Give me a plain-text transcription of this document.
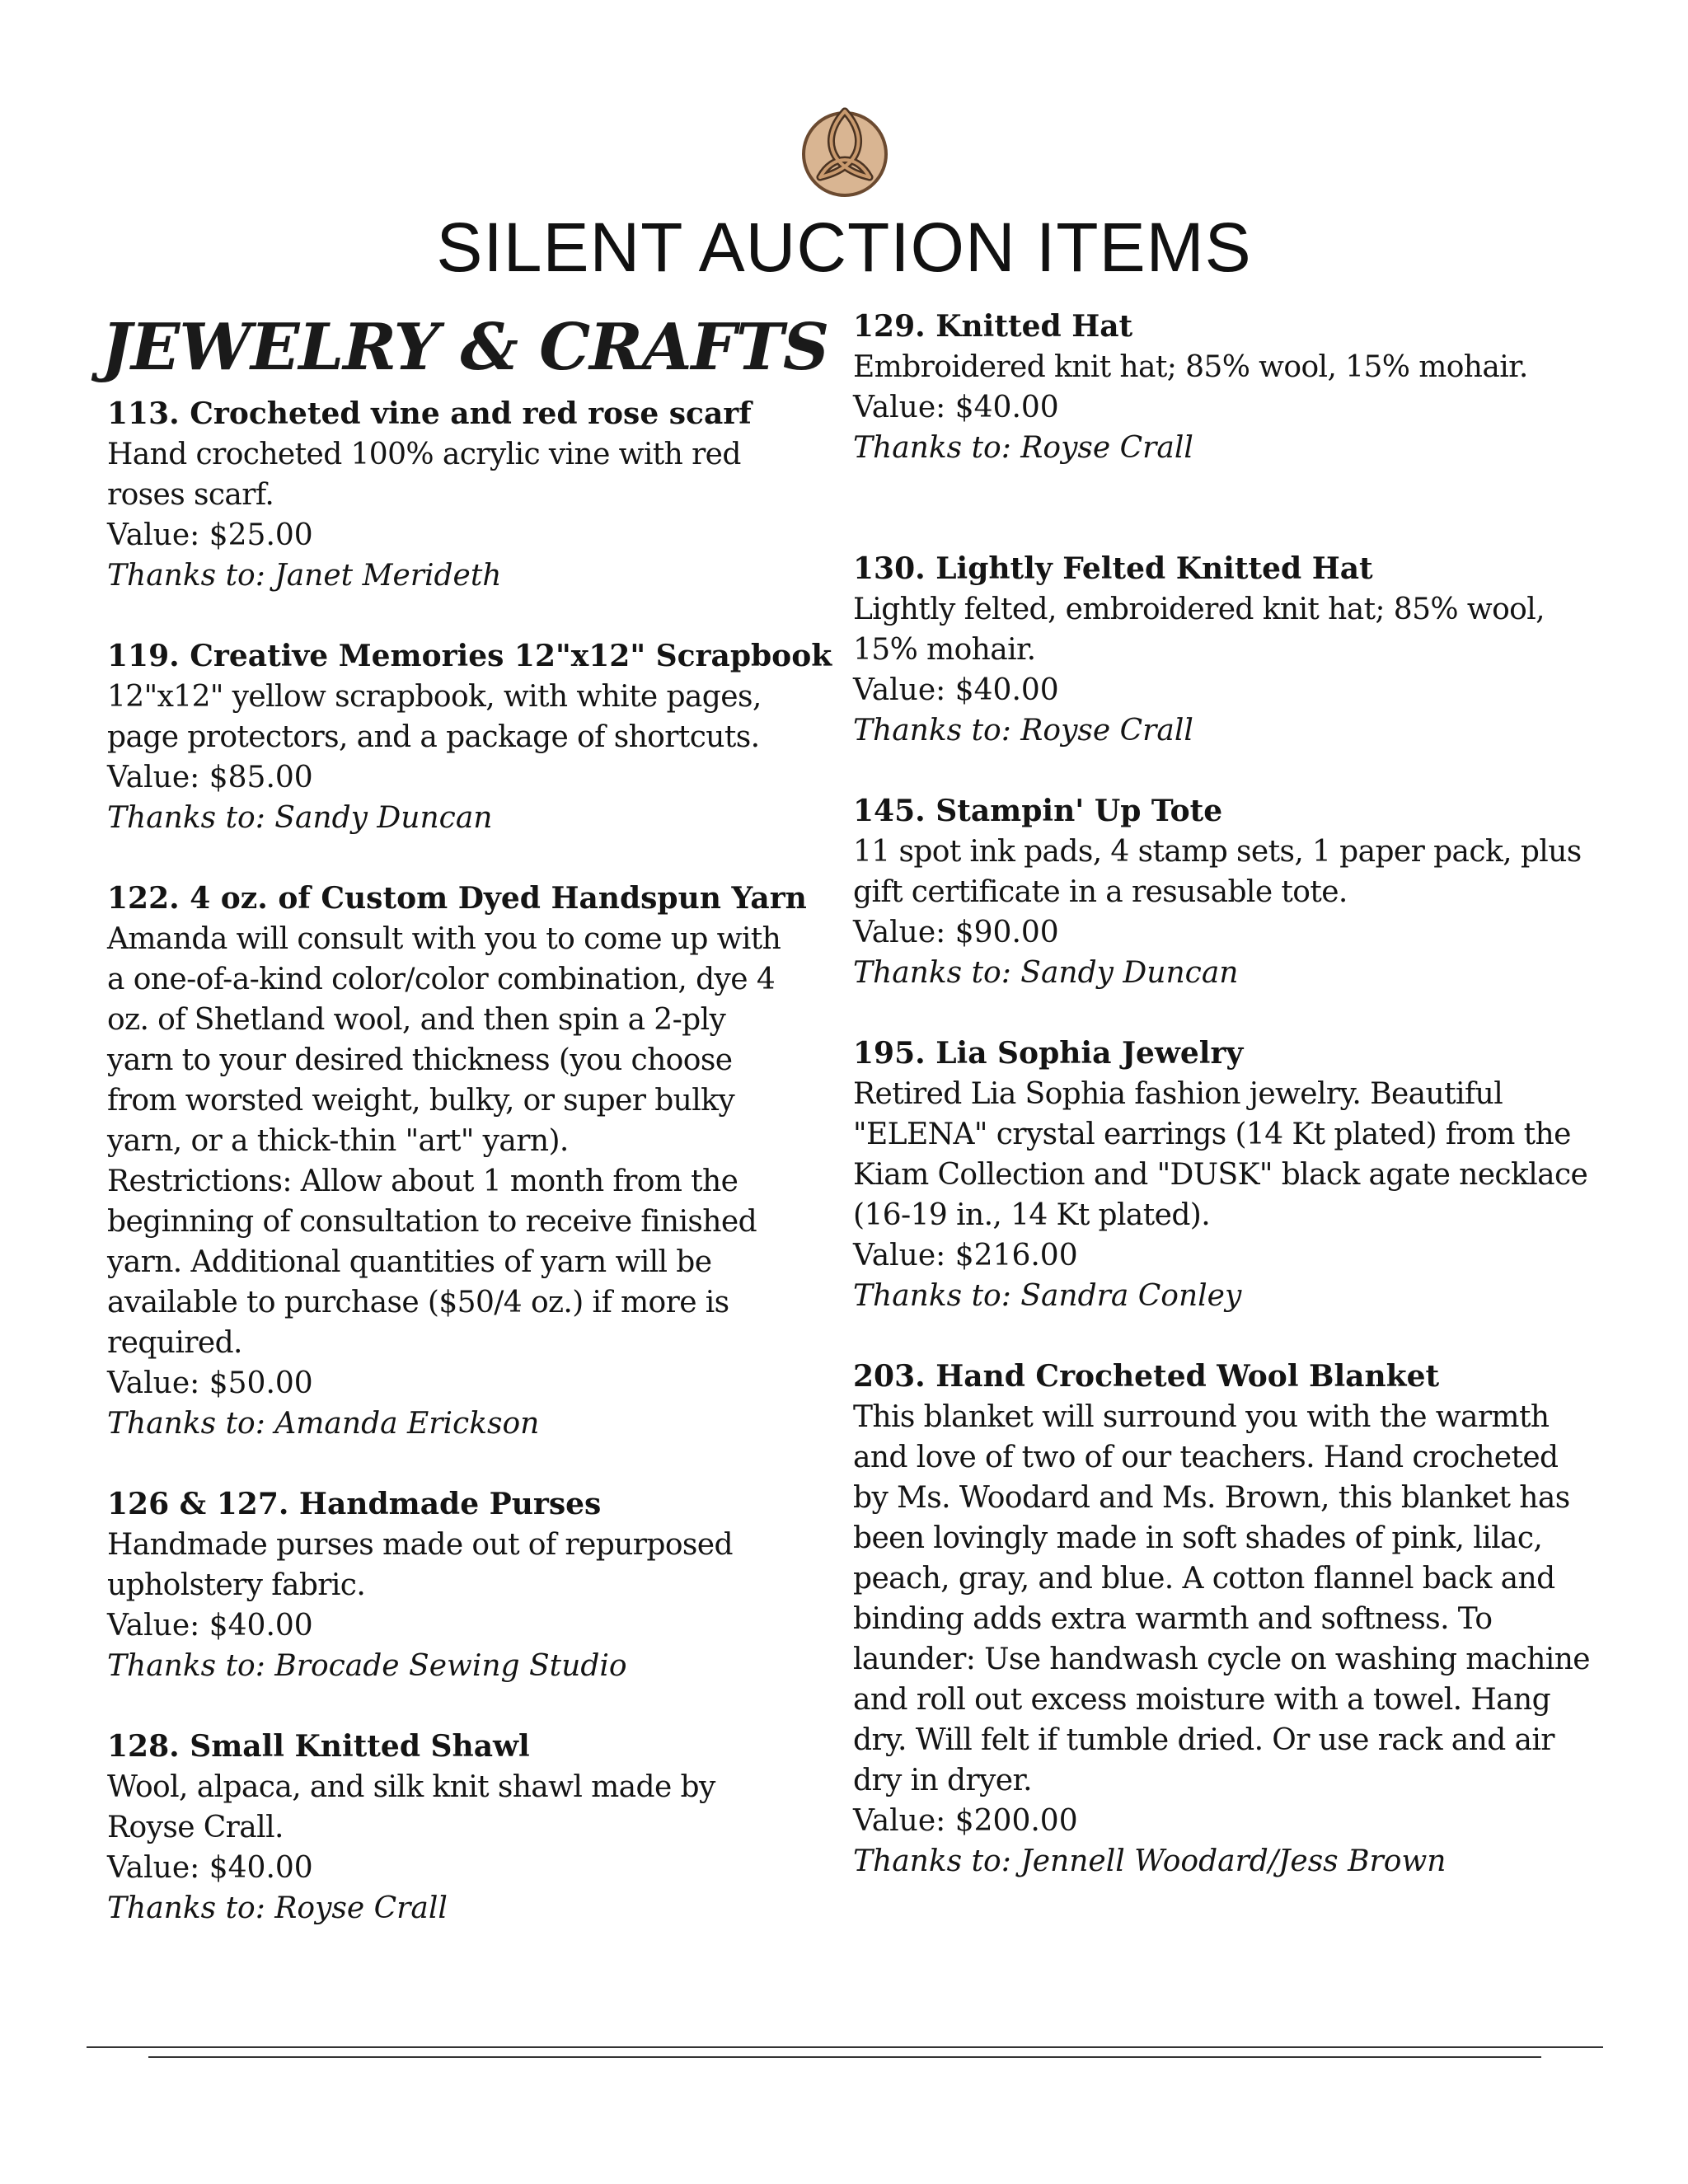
SILENT AUCTION ITEMS
JEWELRY & CRAFTS
113. Crocheted vine and red rose scarf
Hand crocheted 100% acrylic vine with red roses scarf.
Value: $25.00
Thanks to: Janet Merideth
119. Creative Memories 12"x12" Scrapbook
12"x12" yellow scrapbook, with white pages, page protectors, and a package of shortcuts.
Value: $85.00
Thanks to: Sandy Duncan
122. 4 oz. of Custom Dyed Handspun Yarn
Amanda will consult with you to come up with a one-of-a-kind color/color combination, dye 4 oz. of Shetland wool, and then spin a 2-ply yarn to your desired thickness (you choose from worsted weight, bulky, or super bulky yarn, or a thick-thin "art" yarn).
Restrictions: Allow about 1 month from the beginning of consultation to receive finished yarn. Additional quantities of yarn will be available to purchase ($50/4 oz.) if more is required.
Value: $50.00
Thanks to: Amanda Erickson
126 & 127. Handmade Purses
Handmade purses made out of repurposed upholstery fabric.
Value: $40.00
Thanks to: Brocade Sewing Studio
128. Small Knitted Shawl
Wool, alpaca, and silk knit shawl made by Royse Crall.
Value: $40.00
Thanks to: Royse Crall
129. Knitted Hat
Embroidered knit hat; 85% wool, 15% mohair.
Value: $40.00
Thanks to: Royse Crall
130. Lightly Felted Knitted Hat
Lightly felted, embroidered knit hat; 85% wool, 15% mohair.
Value: $40.00
Thanks to: Royse Crall
145. Stampin' Up Tote
11 spot ink pads, 4 stamp sets, 1 paper pack, plus gift certificate in a resusable tote.
Value: $90.00
Thanks to: Sandy Duncan
195. Lia Sophia Jewelry
Retired Lia Sophia fashion jewelry. Beautiful "ELENA" crystal earrings (14 Kt plated) from the Kiam Collection and "DUSK" black agate necklace (16-19 in., 14 Kt plated).
Value: $216.00
Thanks to: Sandra Conley
203. Hand Crocheted Wool Blanket
This blanket will surround you with the warmth and love of two of our teachers. Hand crocheted by Ms. Woodard and Ms. Brown, this blanket has been lovingly made in soft shades of pink, lilac, peach, gray, and blue. A cotton flannel back and binding adds extra warmth and softness. To launder: Use handwash cycle on washing machine and roll out excess moisture with a towel. Hang dry. Will felt if tumble dried. Or use rack and air dry in dryer.
Value: $200.00
Thanks to: Jennell Woodard/Jess Brown
